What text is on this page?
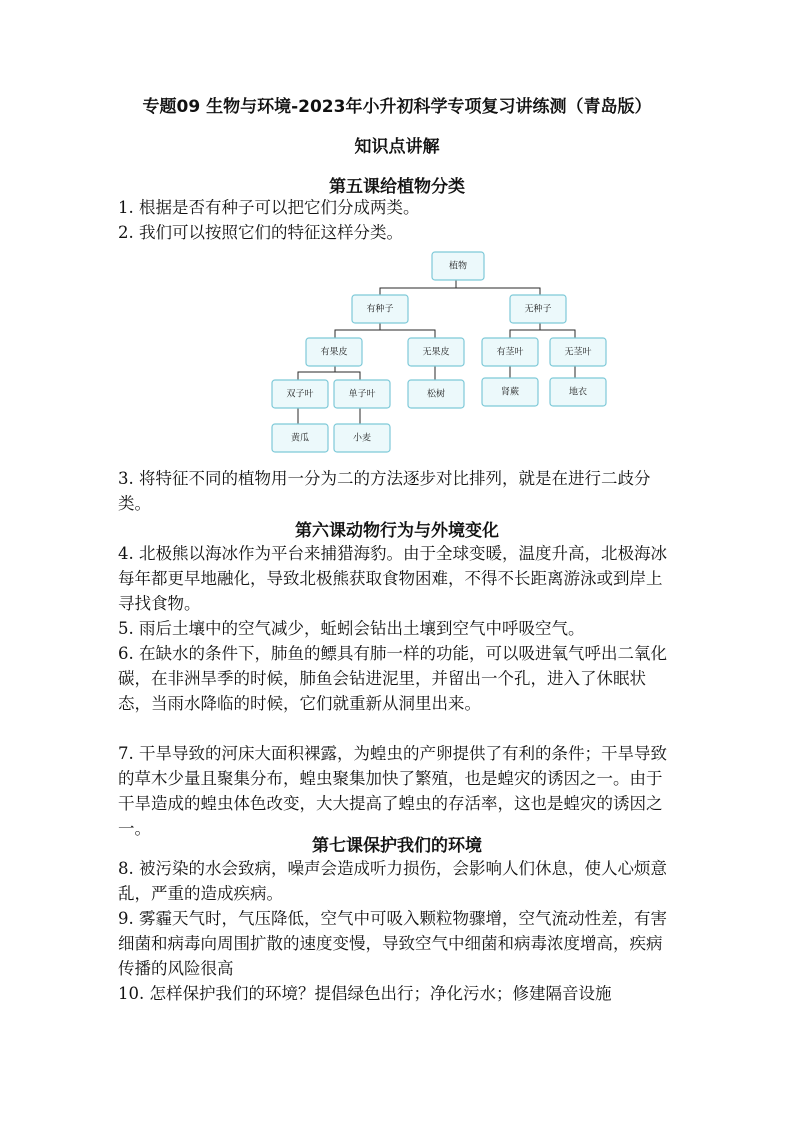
专题09 生物与环境-2023年小升初科学专项复习讲练测（青岛版）
知识点讲解
第五课给植物分类

1. 根据是否有种子可以把它们分成两类。

2. 我们可以按照它们的特征这样分类。

植物
有种子	无种子
有果皮	无果皮	有茎叶	无茎叶
双子叶	单子叶	松树	肾蕨	地衣
黄瓜	小麦

3. 将特征不同的植物用一分为二的方法逐步对比排列，就是在进行二歧分类。

第六课动物行为与外境变化

4. 北极熊以海冰作为平台来捕猎海豹。由于全球变暖，温度升高，北极海冰每年都更早地融化，导致北极熊获取食物困难，不得不长距离游泳或到岸上寻找食物。

5. 雨后土壤中的空气减少，蚯蚓会钻出土壤到空气中呼吸空气。

6. 在缺水的条件下，肺鱼的鳔具有肺一样的功能，可以吸进氧气呼出二氧化碳，在非洲旱季的时候，肺鱼会钻进泥里，并留出一个孔，进入了休眠状态，当雨水降临的时候，它们就重新从洞里出来。

7. 干旱导致的河床大面积裸露，为蝗虫的产卵提供了有利的条件；干旱导致的草木少量且聚集分布，蝗虫聚集加快了繁殖，也是蝗灾的诱因之一。由于干旱造成的蝗虫体色改变，大大提高了蝗虫的存活率，这也是蝗灾的诱因之一。

第七课保护我们的环境

8. 被污染的水会致病，噪声会造成听力损伤，会影响人们休息，使人心烦意乱，严重的造成疾病。

9. 雾霾天气时，气压降低，空气中可吸入颗粒物骤增，空气流动性差，有害细菌和病毒向周围扩散的速度变慢，导致空气中细菌和病毒浓度增高，疾病传播的风险很高

10. 怎样保护我们的环境？提倡绿色出行；净化污水；修建隔音设施
